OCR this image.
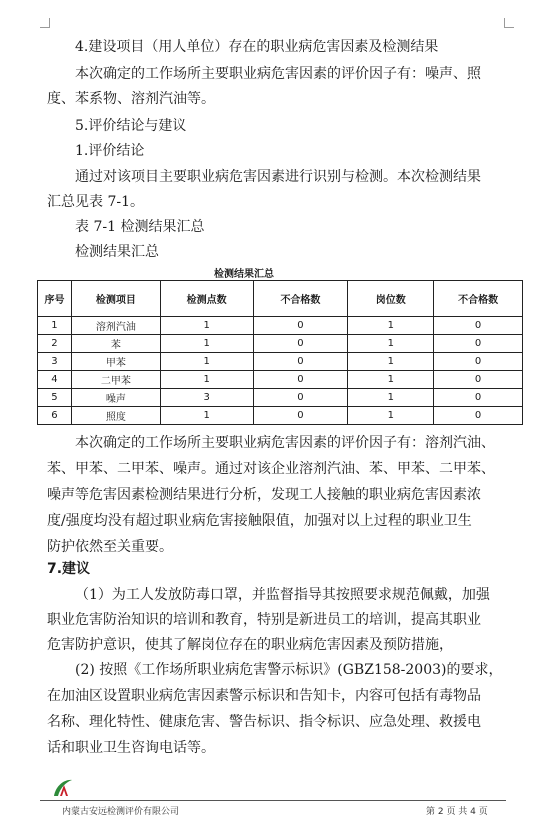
4.建设项目（用人单位）存在的职业病危害因素及检测结果
本次确定的工作场所主要职业病危害因素的评价因子有：噪声、照
度、苯系物、溶剂汽油等。
5.评价结论与建议
1.评价结论
通过对该项目主要职业病危害因素进行识别与检测。本次检测结果
汇总见表 7-1。
表 7-1 检测结果汇总
检测结果汇总
检测结果汇总
序号	检测项目	检测点数	不合格数	岗位数	不合格数
1	溶剂汽油	1	0	1	0
2	苯	1	0	1	0
3	甲苯	1	0	1	0
4	二甲苯	1	0	1	0
5	噪声	3	0	1	0
6	照度	1	0	1	0
本次确定的工作场所主要职业病危害因素的评价因子有：溶剂汽油、
苯、甲苯、二甲苯、噪声。通过对该企业溶剂汽油、苯、甲苯、二甲苯、
噪声等危害因素检测结果进行分析，发现工人接触的职业病危害因素浓
度/强度均没有超过职业病危害接触限值，加强对以上过程的职业卫生
防护依然至关重要。
7.建议
（1）为工人发放防毒口罩，并监督指导其按照要求规范佩戴，加强
职业危害防治知识的培训和教育，特别是新进员工的培训，提高其职业
危害防护意识，使其了解岗位存在的职业病危害因素及预防措施，
(2) 按照《工作场所职业病危害警示标识》(GBZ158-2003)的要求，
在加油区设置职业病危害因素警示标识和告知卡，内容可包括有毒物品
名称、理化特性、健康危害、警告标识、指令标识、应急处理、救援电
话和职业卫生咨询电话等。
内蒙古安远检测评价有限公司	第 2 页 共 4 页
